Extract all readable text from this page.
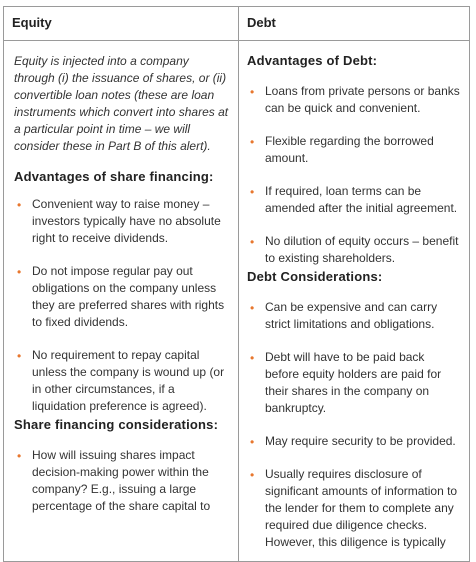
Equity	Debt

Equity is injected into a company through (i) the issuance of shares, or (ii) convertible loan notes (these are loan instruments which convert into shares at a particular point in time – we will consider these in Part B of this alert).

Advantages of share financing:
• Convenient way to raise money – investors typically have no absolute right to receive dividends.
• Do not impose regular pay out obligations on the company unless they are preferred shares with rights to fixed dividends.
• No requirement to repay capital unless the company is wound up (or in other circumstances, if a liquidation preference is agreed).
Share financing considerations:
• How will issuing shares impact decision-making power within the company? E.g., issuing a large percentage of the share capital to
Advantages of Debt:
• Loans from private persons or banks can be quick and convenient.
• Flexible regarding the borrowed amount.
• If required, loan terms can be amended after the initial agreement.
• No dilution of equity occurs – benefit to existing shareholders.
Debt Considerations:
• Can be expensive and can carry strict limitations and obligations.
• Debt will have to be paid back before equity holders are paid for their shares in the company on bankruptcy.
• May require security to be provided.
• Usually requires disclosure of significant amounts of information to the lender for them to complete any required due diligence checks. However, this diligence is typically
